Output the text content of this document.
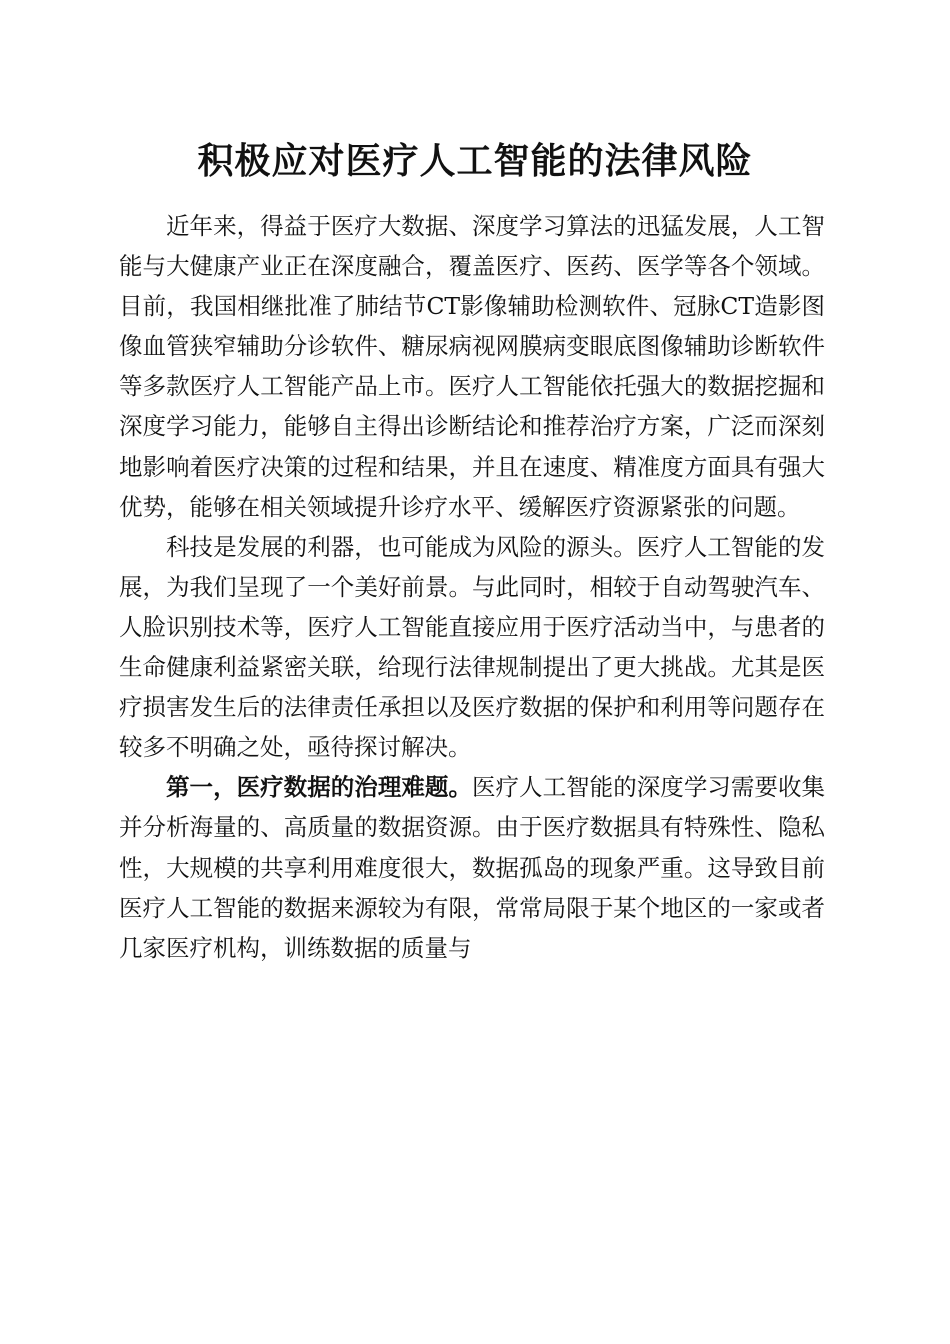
积极应对医疗人工智能的法律风险

近年来，得益于医疗大数据、深度学习算法的迅猛发展，人工智能与大健康产业正在深度融合，覆盖医疗、医药、医学等各个领域。目前，我国相继批准了肺结节CT影像辅助检测软件、冠脉CT造影图像血管狭窄辅助分诊软件、糖尿病视网膜病变眼底图像辅助诊断软件等多款医疗人工智能产品上市。医疗人工智能依托强大的数据挖掘和深度学习能力，能够自主得出诊断结论和推荐治疗方案，广泛而深刻地影响着医疗决策的过程和结果，并且在速度、精准度方面具有强大优势，能够在相关领域提升诊疗水平、缓解医疗资源紧张的问题。

科技是发展的利器，也可能成为风险的源头。医疗人工智能的发展，为我们呈现了一个美好前景。与此同时，相较于自动驾驶汽车、人脸识别技术等，医疗人工智能直接应用于医疗活动当中，与患者的生命健康利益紧密关联，给现行法律规制提出了更大挑战。尤其是医疗损害发生后的法律责任承担以及医疗数据的保护和利用等问题存在较多不明确之处，亟待探讨解决。

第一，医疗数据的治理难题。医疗人工智能的深度学习需要收集并分析海量的、高质量的数据资源。由于医疗数据具有特殊性、隐私性，大规模的共享利用难度很大，数据孤岛的现象严重。这导致目前医疗人工智能的数据来源较为有限，常常局限于某个地区的一家或者几家医疗机构，训练数据的质量与
